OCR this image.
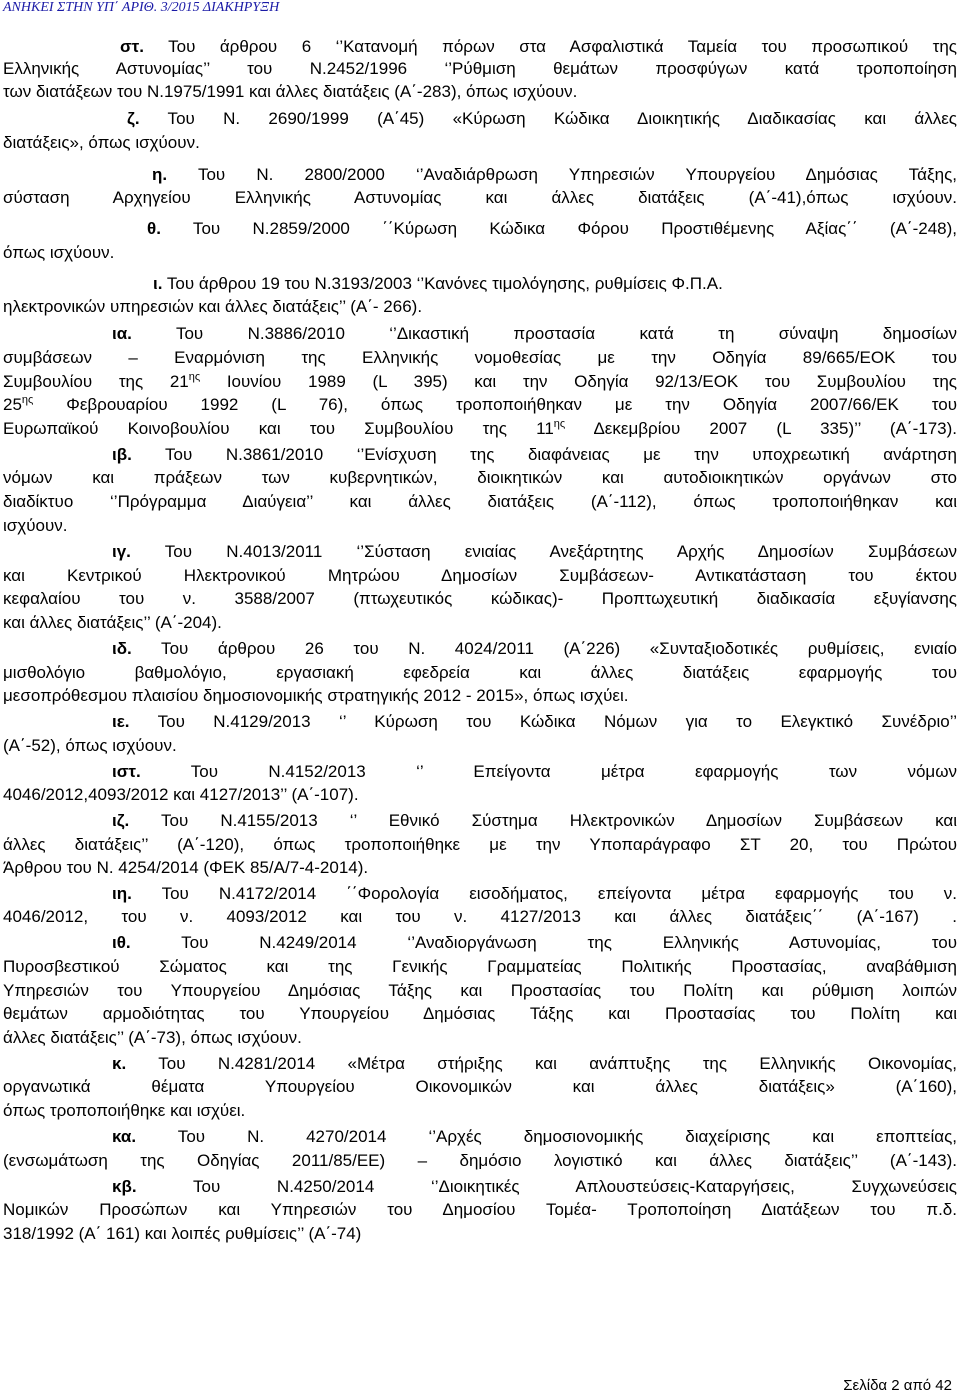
ΑΝΗΚΕΙ ΣΤΗΝ ΥΠ΄ ΑΡΙΘ. 3/2015 ΔΙΑΚΗΡΥΞΗ
στ. Του άρθρου 6 ‘’Κατανομή πόρων στα Ασφαλιστικά Ταμεία του προσωπικού της
Ελληνικής Αστυνομίας’’ του Ν.2452/1996 ‘’Ρύθμιση θεμάτων προσφύγων κατά τροποποίηση
των διατάξεων του Ν.1975/1991 και άλλες διατάξεις (Α΄-283), όπως ισχύουν.
ζ. Του Ν. 2690/1999 (Α΄45) «Κύρωση Κώδικα Διοικητικής Διαδικασίας και άλλες
διατάξεις», όπως ισχύουν.
η. Του Ν. 2800/2000 ‘’Αναδιάρθρωση Υπηρεσιών Υπουργείου Δημόσιας Τάξης,
σύσταση Αρχηγείου Ελληνικής Αστυνομίας και άλλες διατάξεις (Α΄-41),όπως ισχύουν.
θ. Του Ν.2859/2000 ΄΄Κύρωση Κώδικα Φόρου Προστιθέμενης Αξίας΄΄ (Α΄-248),
όπως ισχύουν.
ι. Του άρθρου 19 του Ν.3193/2003 ‘’Κανόνες τιμολόγησης, ρυθμίσεις Φ.Π.Α.
ηλεκτρονικών υπηρεσιών και άλλες διατάξεις’’ (Α΄- 266).
ια. Του Ν.3886/2010 ‘’Δικαστική προστασία κατά τη σύναψη δημοσίων
συμβάσεων – Εναρμόνιση της Ελληνικής νομοθεσίας με την Οδηγία 89/665/ΕΟΚ του
Συμβουλίου της $21^{\eta\varsigma}$ Ιουνίου 1989 (L 395) και την Οδηγία 92/13/ΕΟΚ του Συμβουλίου της
$25^{\eta\varsigma}$ Φεβρουαρίου 1992 (L 76), όπως τροποποιήθηκαν με την Οδηγία 2007/66/ΕΚ του
Ευρωπαϊκού Κοινοβουλίου και του Συμβουλίου της $11^{\eta\varsigma}$ Δεκεμβρίου 2007 (L 335)’’ (Α΄-173).
ιβ. Του Ν.3861/2010 ‘’Ενίσχυση της διαφάνειας με την υποχρεωτική ανάρτηση
νόμων και πράξεων των κυβερνητικών, διοικητικών και αυτοδιοικητικών οργάνων στο
διαδίκτυο ‘’Πρόγραμμα Διαύγεια’’ και άλλες διατάξεις (Α΄-112), όπως τροποποιήθηκαν και
ισχύουν.
ιγ. Του Ν.4013/2011 ‘’Σύσταση ενιαίας Ανεξάρτητης Αρχής Δημοσίων Συμβάσεων
και Κεντρικού Ηλεκτρονικού Μητρώου Δημοσίων Συμβάσεων- Αντικατάσταση του έκτου
κεφαλαίου του ν. 3588/2007 (πτωχευτικός κώδικας)- Προπτωχευτική διαδικασία εξυγίανσης
και άλλες διατάξεις’’ (Α΄-204).
ιδ. Του άρθρου 26 του Ν. 4024/2011 (Α΄226) «Συνταξιοδοτικές ρυθμίσεις, ενιαίο
μισθολόγιο βαθμολόγιο, εργασιακή εφεδρεία και άλλες διατάξεις εφαρμογής του
μεσοπρόθεσμου πλαισίου δημοσιονομικής στρατηγικής 2012 - 2015», όπως ισχύει.
ιε. Του Ν.4129/2013 ‘’ Κύρωση του Κώδικα Νόμων για το Ελεγκτικό Συνέδριο’’
(Α΄-52), όπως ισχύουν.
ιστ. Του Ν.4152/2013 ‘’ Επείγοντα μέτρα εφαρμογής των νόμων
4046/2012,4093/2012 και 4127/2013’’ (Α΄-107).
ιζ. Του Ν.4155/2013 ‘’ Εθνικό Σύστημα Ηλεκτρονικών Δημοσίων Συμβάσεων και
άλλες διατάξεις’’ (Α΄-120), όπως τροποποιήθηκε με την Υποπαράγραφο ΣΤ 20, του Πρώτου
Άρθρου του Ν. 4254/2014 (ΦΕΚ 85/Α/7-4-2014).
ιη. Του Ν.4172/2014 ΄΄Φορολογία εισοδήματος, επείγοντα μέτρα εφαρμογής του ν.
4046/2012, του ν. 4093/2012 και του ν. 4127/2013 και άλλες διατάξεις΄΄ (Α΄-167) .
ιθ. Του Ν.4249/2014 ‘’Αναδιοργάνωση της Ελληνικής Αστυνομίας, του
Πυροσβεστικού Σώματος και της Γενικής Γραμματείας Πολιτικής Προστασίας, αναβάθμιση
Υπηρεσιών του Υπουργείου Δημόσιας Τάξης και Προστασίας του Πολίτη και ρύθμιση λοιπών
θεμάτων αρμοδιότητας του Υπουργείου Δημόσιας Τάξης και Προστασίας του Πολίτη και
άλλες διατάξεις’’ (Α΄-73), όπως ισχύουν.
κ. Του Ν.4281/2014 «Μέτρα στήριξης και ανάπτυξης της Ελληνικής Οικονομίας,
οργανωτικά θέματα Υπουργείου Οικονομικών και άλλες διατάξεις» (Α΄160),
όπως τροποποιήθηκε και ισχύει.
κα. Του Ν. 4270/2014 ‘’Αρχές δημοσιονομικής διαχείρισης και εποπτείας,
(ενσωμάτωση της Οδηγίας 2011/85/ΕΕ) – δημόσιο λογιστικό και άλλες διατάξεις’’ (Α΄-143).
κβ. Του Ν.4250/2014 ‘’Διοικητικές Απλουστεύσεις-Καταργήσεις, Συγχωνεύσεις
Νομικών Προσώπων και Υπηρεσιών του Δημοσίου Τομέα- Τροποποίηση Διατάξεων του π.δ.
318/1992 (Α΄ 161) και λοιπές ρυθμίσεις’’ (Α΄-74)
Σελίδα 2 από 42
